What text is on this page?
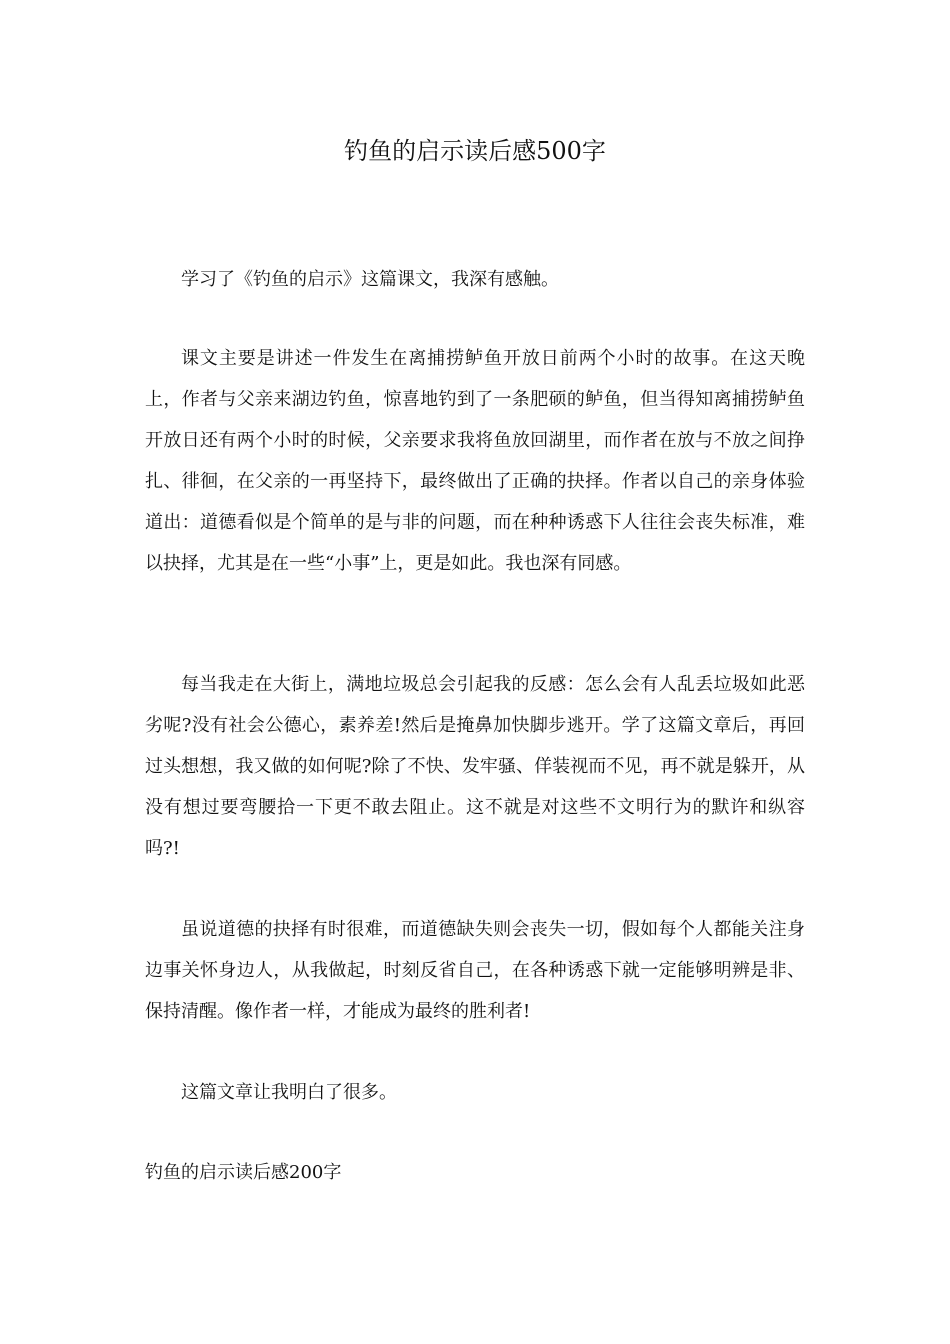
钓鱼的启示读后感500字

学习了《钓鱼的启示》这篇课文，我深有感触。

课文主要是讲述一件发生在离捕捞鲈鱼开放日前两个小时的故事。在这天晚上，作者与父亲来湖边钓鱼，惊喜地钓到了一条肥硕的鲈鱼，但当得知离捕捞鲈鱼开放日还有两个小时的时候，父亲要求我将鱼放回湖里，而作者在放与不放之间挣扎、徘徊，在父亲的一再坚持下，最终做出了正确的抉择。作者以自己的亲身体验道出：道德看似是个简单的是与非的问题，而在种种诱惑下人往往会丧失标准，难以抉择，尤其是在一些“小事”上，更是如此。我也深有同感。

每当我走在大街上，满地垃圾总会引起我的反感：怎么会有人乱丢垃圾如此恶劣呢?没有社会公德心，素养差!然后是掩鼻加快脚步逃开。学了这篇文章后，再回过头想想，我又做的如何呢?除了不快、发牢骚、佯装视而不见，再不就是躲开，从没有想过要弯腰拾一下更不敢去阻止。这不就是对这些不文明行为的默许和纵容吗?!

虽说道德的抉择有时很难，而道德缺失则会丧失一切，假如每个人都能关注身边事关怀身边人，从我做起，时刻反省自己，在各种诱惑下就一定能够明辨是非、保持清醒。像作者一样，才能成为最终的胜利者!

这篇文章让我明白了很多。

钓鱼的启示读后感200字
